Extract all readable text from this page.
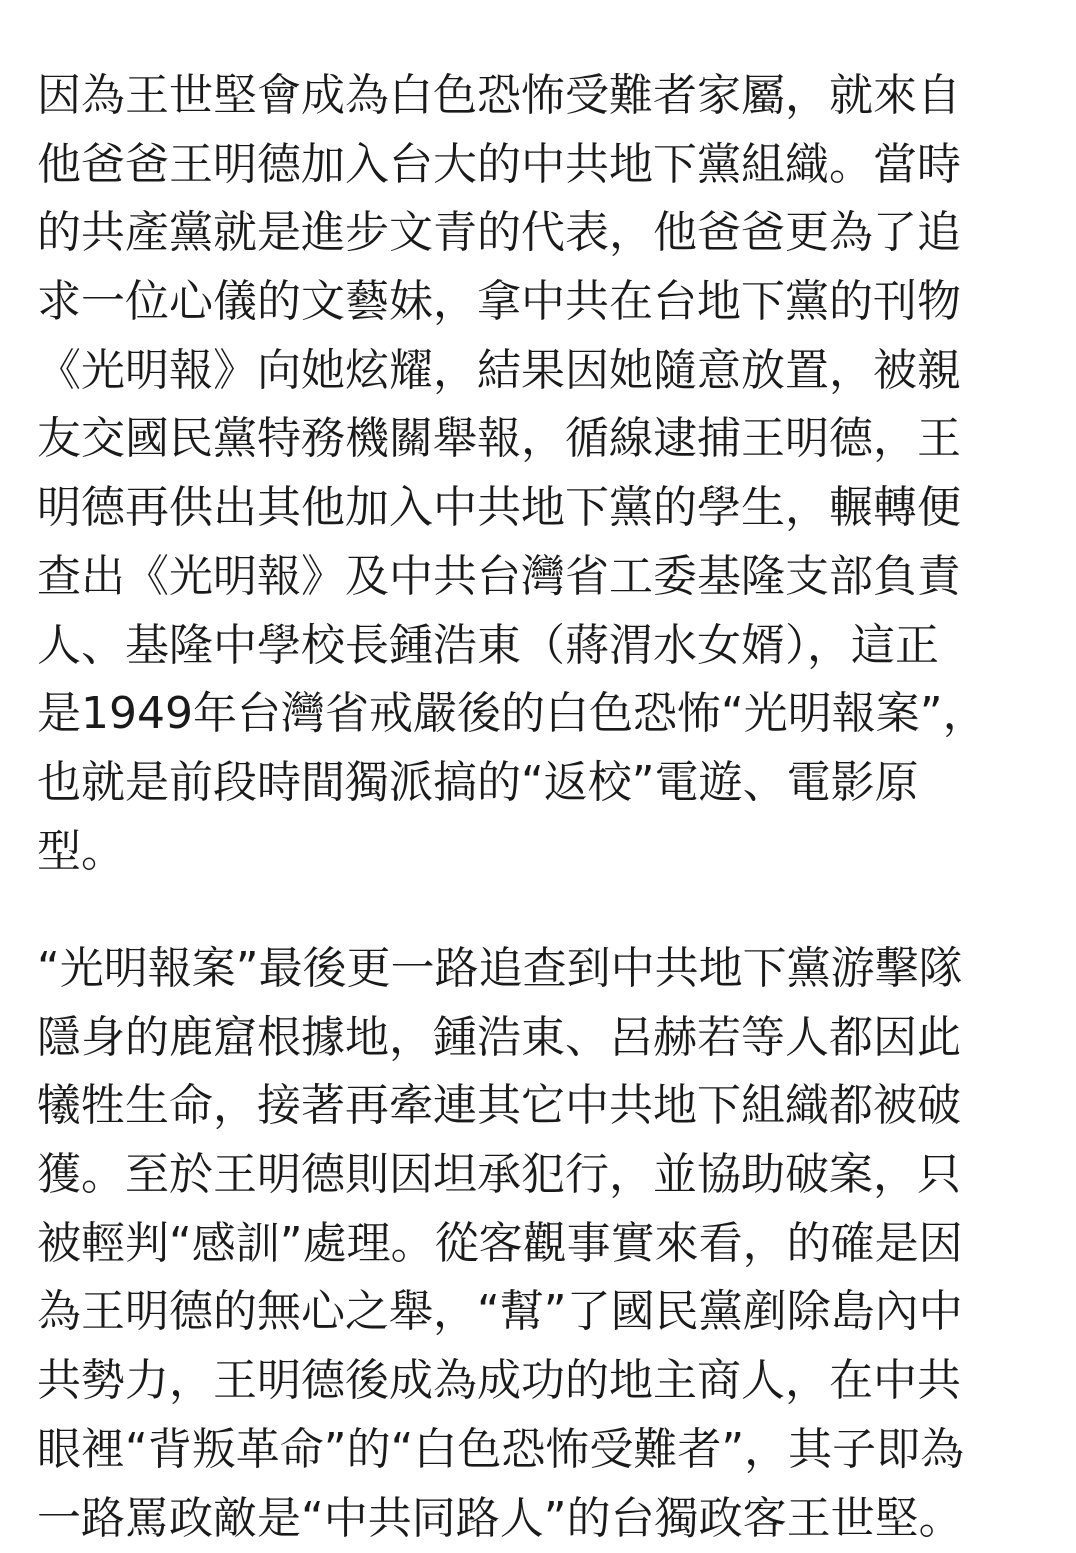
因為王世堅會成為白色恐怖受難者家屬，就來自
他爸爸王明德加入台大的中共地下黨組織。當時
的共產黨就是進步文青的代表，他爸爸更為了追
求一位心儀的文藝妹，拿中共在台地下黨的刊物
《光明報》向她炫耀，結果因她隨意放置，被親
友交國民黨特務機關舉報，循線逮捕王明德，王
明德再供出其他加入中共地下黨的學生，輾轉便
查出《光明報》及中共台灣省工委基隆支部負責
人、基隆中學校長鍾浩東（蔣渭水女婿），這正
是1949年台灣省戒嚴後的白色恐怖“光明報案”，
也就是前段時間獨派搞的“返校”電遊、電影原
型。
“光明報案”最後更一路追查到中共地下黨游擊隊
隱身的鹿窟根據地，鍾浩東、呂赫若等人都因此
犧牲生命，接著再牽連其它中共地下組織都被破
獲。至於王明德則因坦承犯行，並協助破案，只
被輕判“感訓”處理。從客觀事實來看，的確是因
為王明德的無心之舉，“幫”了國民黨剷除島內中
共勢力，王明德後成為成功的地主商人，在中共
眼裡“背叛革命”的“白色恐怖受難者”，其子即為
一路罵政敵是“中共同路人”的台獨政客王世堅。
